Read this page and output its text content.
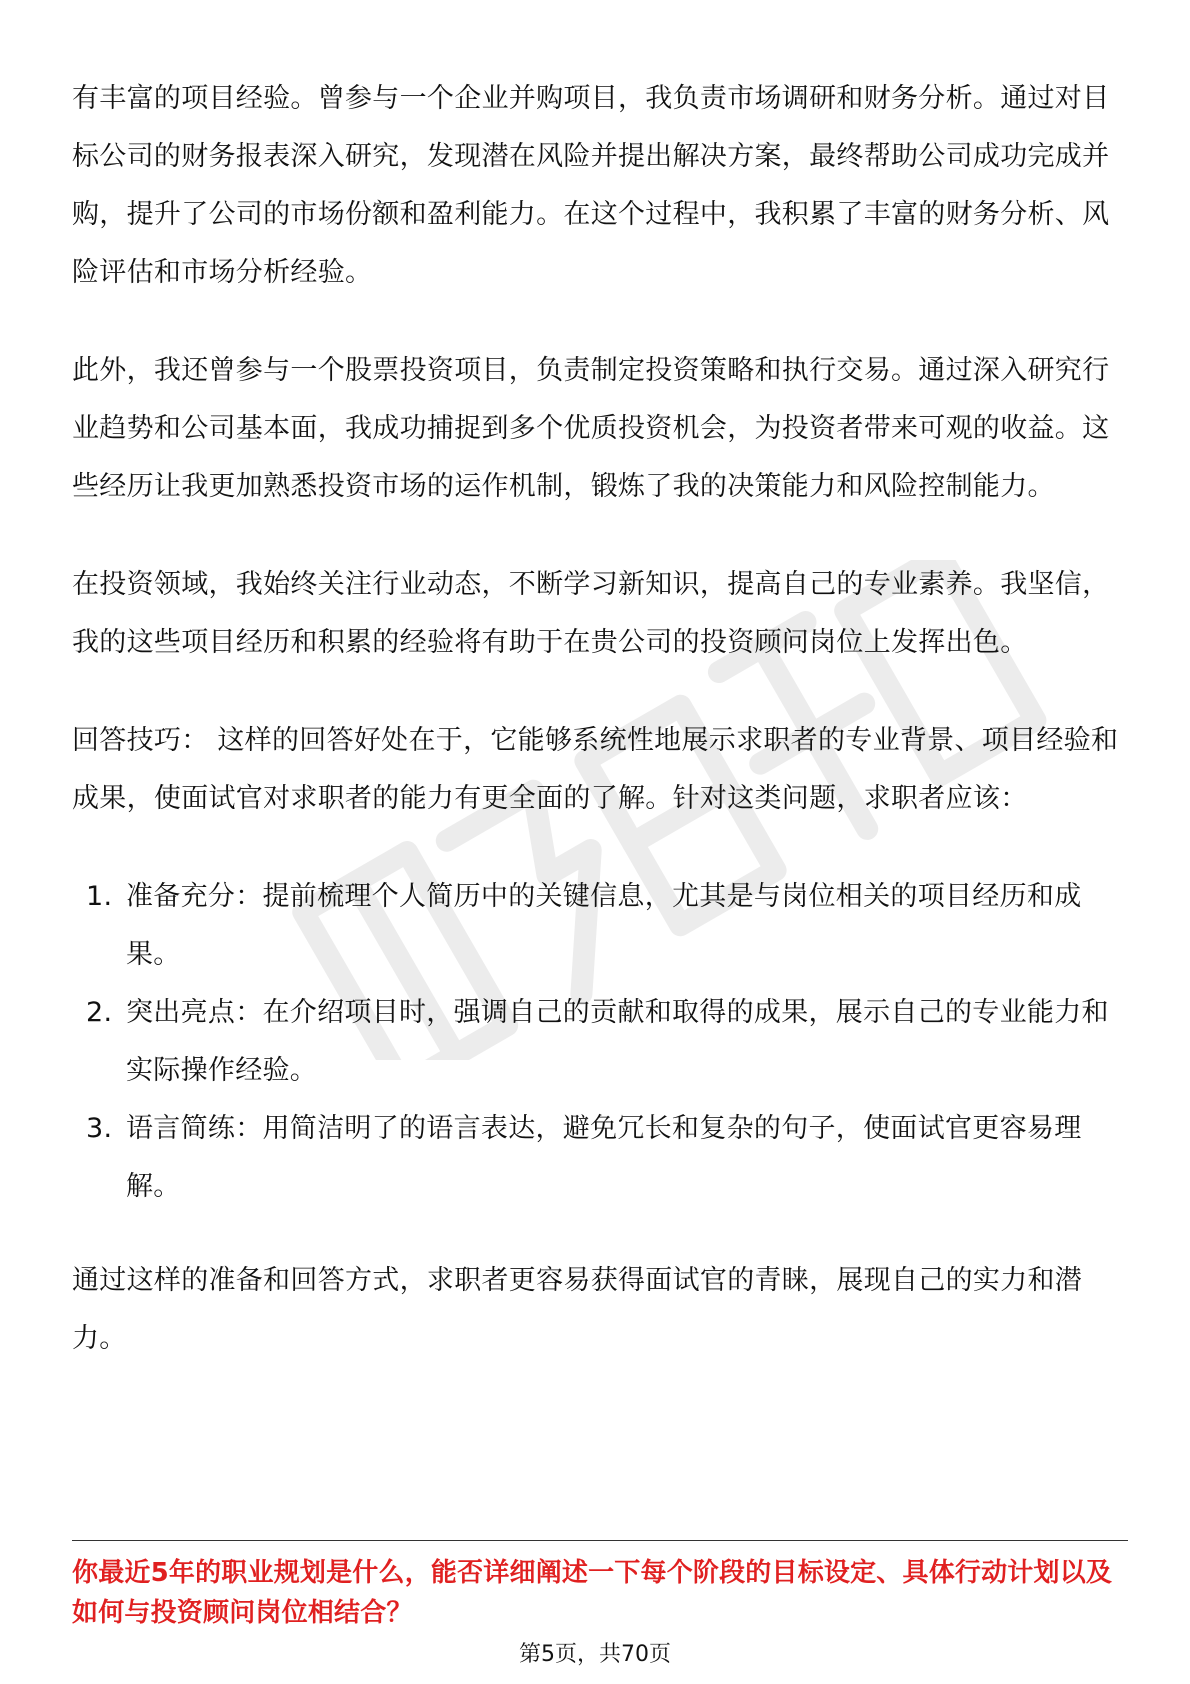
有丰富的项目经验。曾参与一个企业并购项目，我负责市场调研和财务分析。通过对目标公司的财务报表深入研究，发现潜在风险并提出解决方案，最终帮助公司成功完成并购，提升了公司的市场份额和盈利能力。在这个过程中，我积累了丰富的财务分析、风险评估和市场分析经验。

此外，我还曾参与一个股票投资项目，负责制定投资策略和执行交易。通过深入研究行业趋势和公司基本面，我成功捕捉到多个优质投资机会，为投资者带来可观的收益。这些经历让我更加熟悉投资市场的运作机制，锻炼了我的决策能力和风险控制能力。

在投资领域，我始终关注行业动态，不断学习新知识，提高自己的专业素养。我坚信，我的这些项目经历和积累的经验将有助于在贵公司的投资顾问岗位上发挥出色。

回答技巧： 这样的回答好处在于，它能够系统性地展示求职者的专业背景、项目经验和成果，使面试官对求职者的能力有更全面的了解。针对这类问题，求职者应该：

1. 准备充分：提前梳理个人简历中的关键信息，尤其是与岗位相关的项目经历和成果。
2. 突出亮点：在介绍项目时，强调自己的贡献和取得的成果，展示自己的专业能力和实际操作经验。
3. 语言简练：用简洁明了的语言表达，避免冗长和复杂的句子，使面试官更容易理解。

通过这样的准备和回答方式，求职者更容易获得面试官的青睐，展现自己的实力和潜力。

你最近5年的职业规划是什么，能否详细阐述一下每个阶段的目标设定、具体行动计划以及如何与投资顾问岗位相结合？
第5页，共70页
